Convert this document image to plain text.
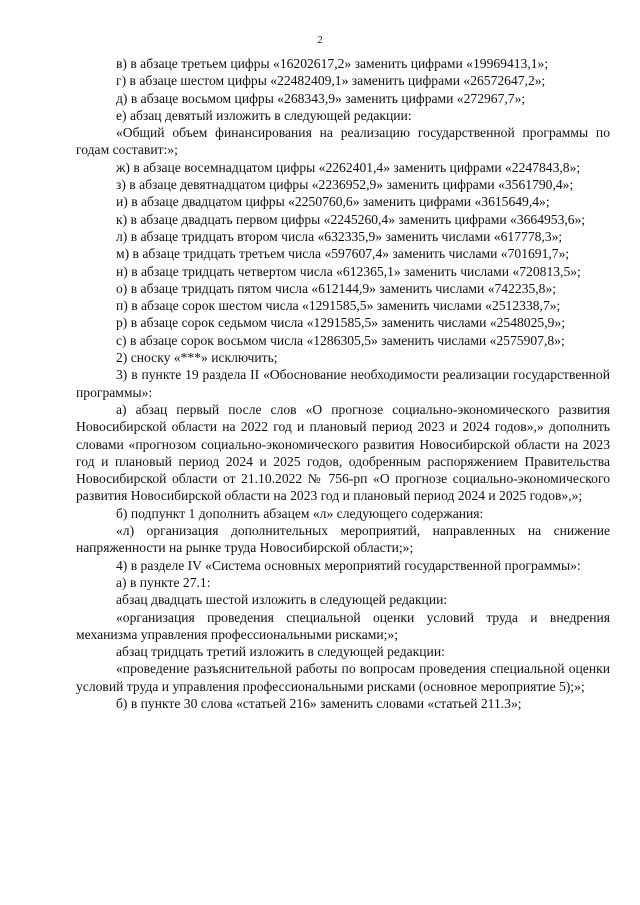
2

в) в абзаце третьем цифры «16202617,2» заменить цифрами «19969413,1»;

г) в абзаце шестом цифры «22482409,1» заменить цифрами «26572647,2»;

д) в абзаце восьмом цифры «268343,9» заменить цифрами «272967,7»;

е) абзац девятый изложить в следующей редакции:

«Общий объем финансирования на реализацию государственной программы по годам составит:»;

ж) в абзаце восемнадцатом цифры «2262401,4» заменить цифрами «2247843,8»;

з) в абзаце девятнадцатом цифры «2236952,9» заменить цифрами «3561790,4»;

и) в абзаце двадцатом цифры «2250760,6» заменить цифрами «3615649,4»;

к) в абзаце двадцать первом цифры «2245260,4» заменить цифрами «3664953,6»;

л) в абзаце тридцать втором числа «632335,9» заменить числами «617778,3»;

м) в абзаце тридцать третьем числа «597607,4» заменить числами «701691,7»;

н) в абзаце тридцать четвертом числа «612365,1» заменить числами «720813,5»;

о) в абзаце тридцать пятом числа «612144,9» заменить числами «742235,8»;

п) в абзаце сорок шестом числа «1291585,5» заменить числами «2512338,7»;

р) в абзаце сорок седьмом числа «1291585,5» заменить числами «2548025,9»;

с) в абзаце сорок восьмом числа «1286305,5» заменить числами «2575907,8»;

2) сноску «***» исключить;

3) в пункте 19 раздела II «Обоснование необходимости реализации государственной программы»:

а) абзац первый после слов «О прогнозе социально-экономического развития Новосибирской области на 2022 год и плановый период 2023 и 2024 годов»,» дополнить словами «прогнозом социально-экономического развития Новосибирской области на 2023 год и плановый период 2024 и 2025 годов, одобренным распоряжением Правительства Новосибирской области от 21.10.2022 № 756-рп «О прогнозе социально-экономического развития Новосибирской области на 2023 год и плановый период 2024 и 2025 годов»,»;

б) подпункт 1 дополнить абзацем «л» следующего содержания:

«л) организация дополнительных мероприятий, направленных на снижение напряженности на рынке труда Новосибирской области;»;

4) в разделе IV «Система основных мероприятий государственной программы»:

а) в пункте 27.1:

абзац двадцать шестой изложить в следующей редакции:

«организация проведения специальной оценки условий труда и внедрения механизма управления профессиональными рисками;»;

абзац тридцать третий изложить в следующей редакции:

«проведение разъяснительной работы по вопросам проведения специальной оценки условий труда и управления профессиональными рисками (основное мероприятие 5);»;

б) в пункте 30 слова «статьей 216» заменить словами «статьей 211.3»;
